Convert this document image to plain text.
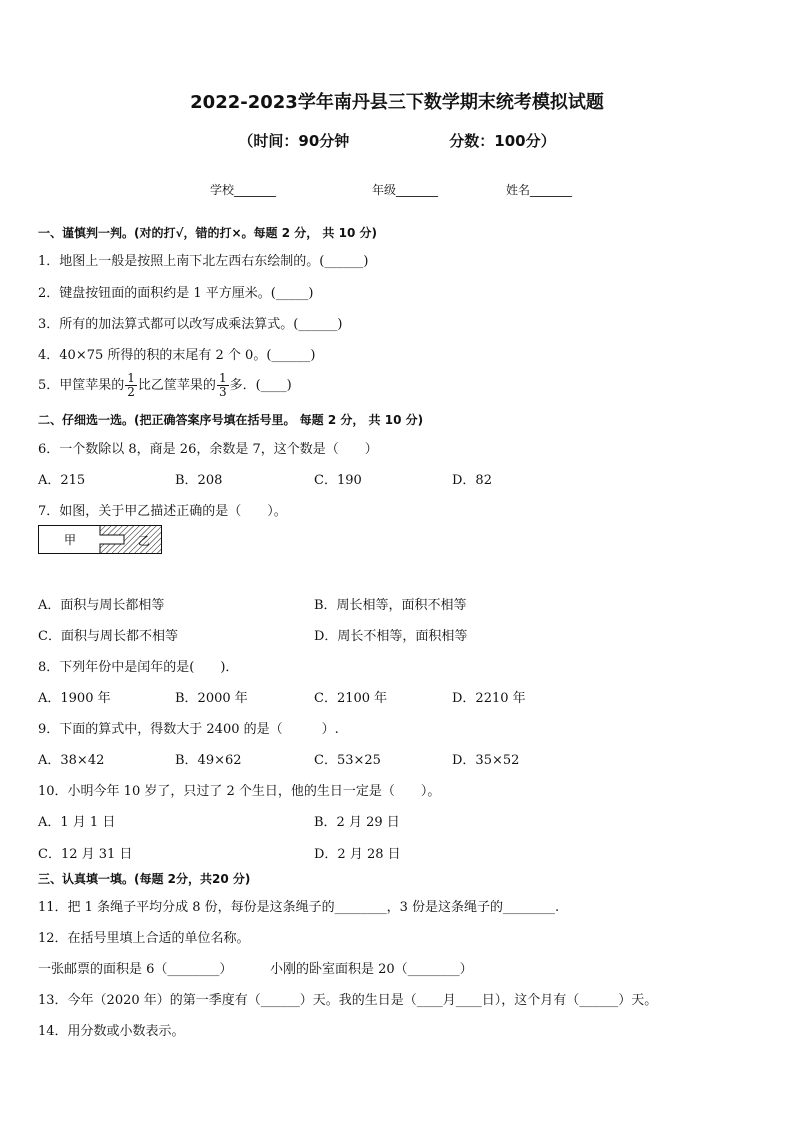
2022-2023学年南丹县三下数学期末统考模拟试题
（时间：90分钟	分数：100分）
学校_______	年级_______	姓名_______
一、谨慎判一判。(对的打√，错的打×。每题 2 分， 共 10 分)
1．地图上一般是按照上南下北左西右东绘制的。(______)
2．键盘按钮面的面积约是 1 平方厘米。(_____)
3．所有的加法算式都可以改写成乘法算式。(______)
4．40×75 所得的积的末尾有 2 个 0。(______)
5．甲筐苹果的 $\frac{1}{2}$ 比乙筐苹果的 $\frac{1}{3}$ 多．(____)
二、仔细选一选。(把正确答案序号填在括号里。 每题 2 分， 共 10 分)
6．一个数除以 8，商是 26，余数是 7，这个数是（　　）
A．215	B．208	C．190	D．82
7．如图，关于甲乙描述正确的是（　　）。
甲	乙
A．面积与周长都相等	B．周长相等，面积不相等
C．面积与周长都不相等	D．周长不相等，面积相等
8．下列年份中是闰年的是(　　)．
A．1900 年	B．2000 年	C．2100 年	D．2210 年
9．下面的算式中，得数大于 2400 的是（　　　）.
A．38×42	B．49×62	C．53×25	D．35×52
10．小明今年 10 岁了，只过了 2 个生日，他的生日一定是（　　）。
A．1 月 1 日	B．2 月 29 日
C．12 月 31 日	D．2 月 28 日
三、认真填一填。(每题 2分，共20 分)
11．把 1 条绳子平均分成 8 份，每份是这条绳子的________，3 份是这条绳子的________.
12．在括号里填上合适的单位名称。
一张邮票的面积是 6（________）	小刚的卧室面积是 20（________）
13．今年（2020 年）的第一季度有（______）天。我的生日是（____月____日），这个月有（______）天。
14．用分数或小数表示。
